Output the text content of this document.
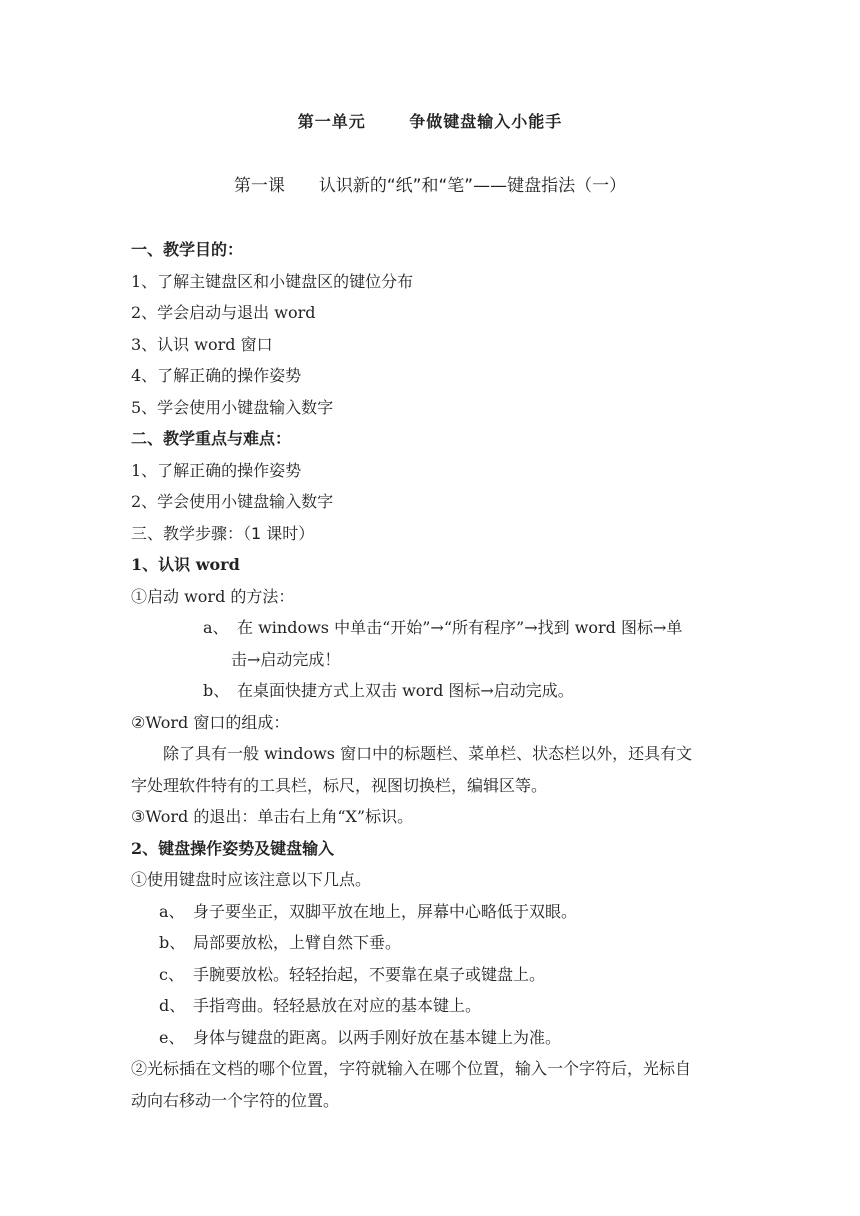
第一单元　 争做键盘输入小能手
第一课　　认识新的“纸”和“笔”——键盘指法（一）
一、教学目的：
1、了解主键盘区和小键盘区的键位分布
2、学会启动与退出 word
3、认识 word 窗口
4、了解正确的操作姿势
5、学会使用小键盘输入数字
二、教学重点与难点：
1、了解正确的操作姿势
2、学会使用小键盘输入数字
三、教学步骤：（1 课时）
1、认识 word
①启动 word 的方法：
a、 在 windows 中单击“开始”→“所有程序”→找到 word 图标→单
击→启动完成！
b、 在桌面快捷方式上双击 word 图标→启动完成。
②Word 窗口的组成：
除了具有一般 windows 窗口中的标题栏、菜单栏、状态栏以外，还具有文
字处理软件特有的工具栏，标尺，视图切换栏，编辑区等。
③Word 的退出：单击右上角“X”标识。
2、键盘操作姿势及键盘输入
①使用键盘时应该注意以下几点。
a、 身子要坐正，双脚平放在地上，屏幕中心略低于双眼。
b、 局部要放松，上臂自然下垂。
c、 手腕要放松。轻轻抬起，不要靠在桌子或键盘上。
d、 手指弯曲。轻轻悬放在对应的基本键上。
e、 身体与键盘的距离。以两手刚好放在基本键上为准。
②光标插在文档的哪个位置，字符就输入在哪个位置，输入一个字符后，光标自
动向右移动一个字符的位置。
